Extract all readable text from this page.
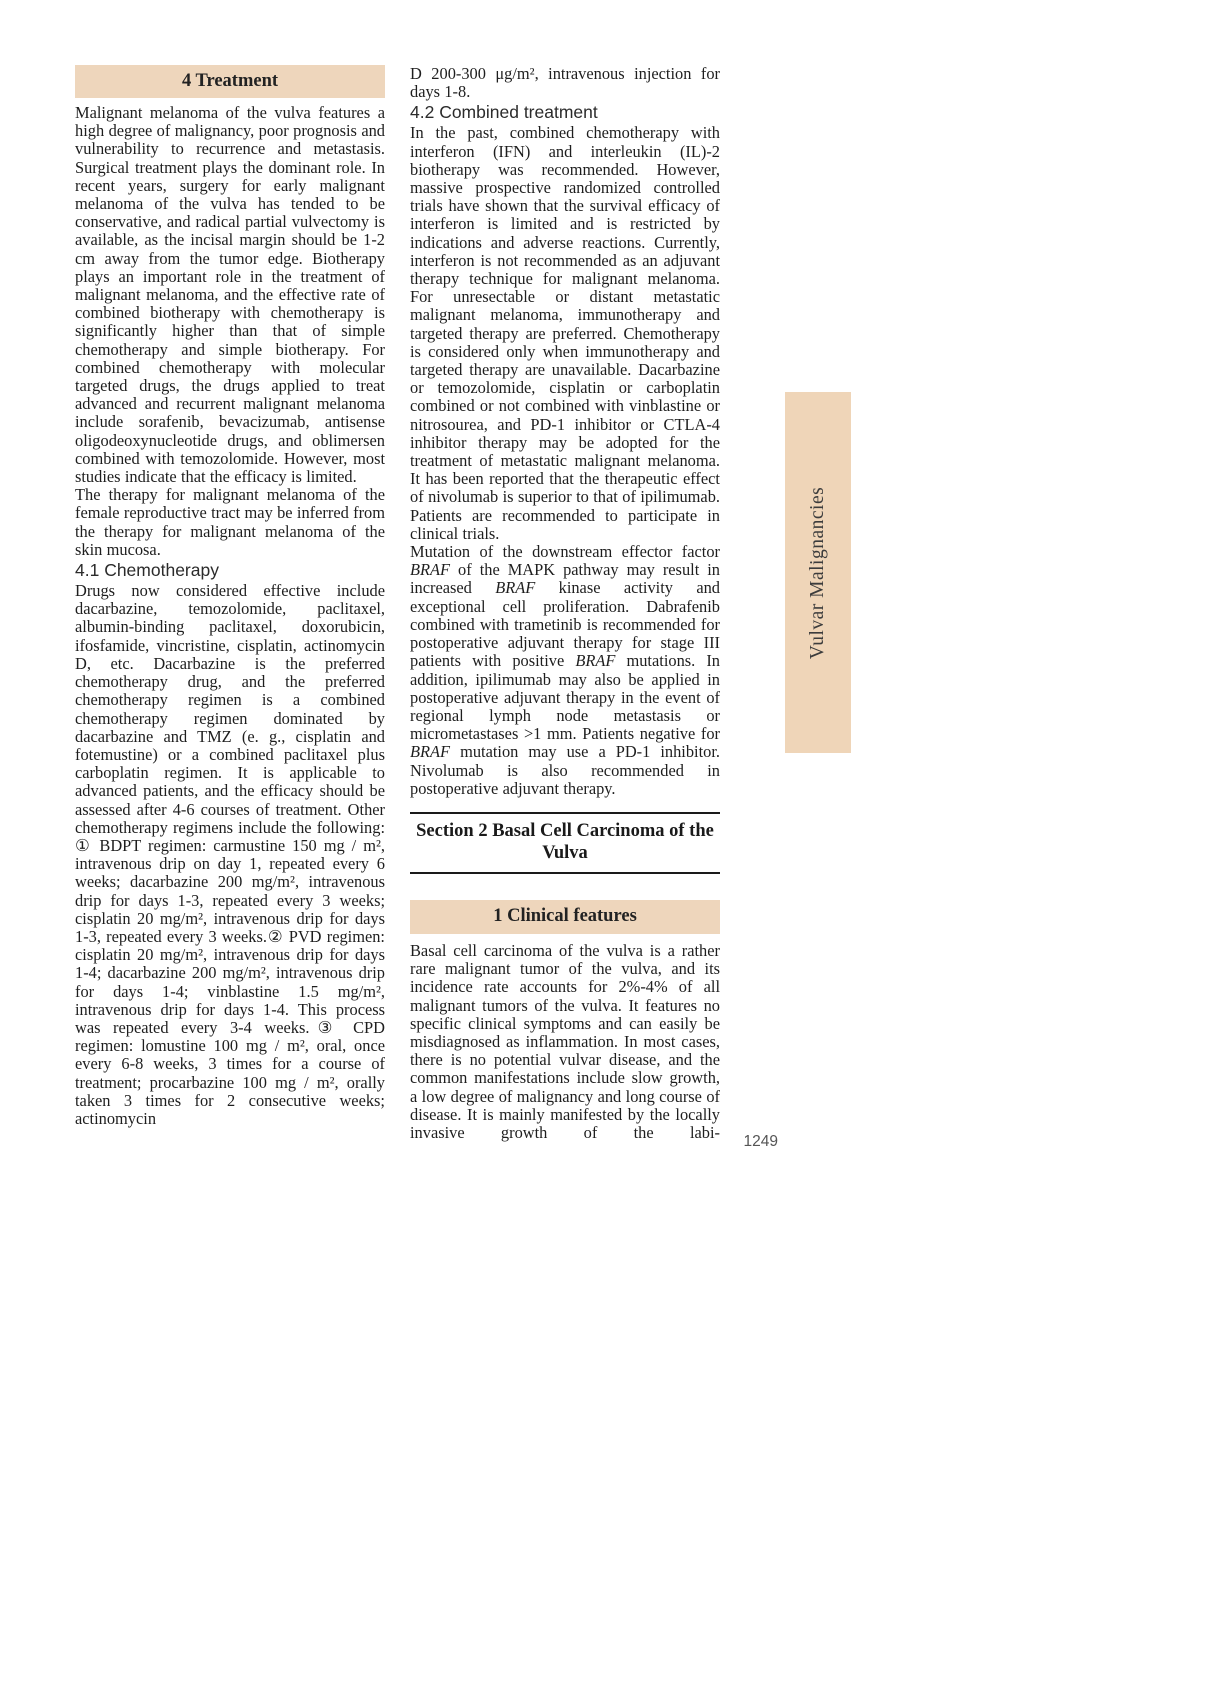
4 Treatment

Malignant melanoma of the vulva features a high degree of malignancy, poor prognosis and vulnerability to recurrence and metastasis. Surgical treatment plays the dominant role. In recent years, surgery for early malignant melanoma of the vulva has tended to be conservative, and radical partial vulvectomy is available, as the incisal margin should be 1-2 cm away from the tumor edge. Biotherapy plays an important role in the treatment of malignant melanoma, and the effective rate of combined biotherapy with chemotherapy is significantly higher than that of simple chemotherapy and simple biotherapy. For combined chemotherapy with molecular targeted drugs, the drugs applied to treat advanced and recurrent malignant melanoma include sorafenib, bevacizumab, antisense oligodeoxynucleotide drugs, and oblimersen combined with temozolomide. However, most studies indicate that the efficacy is limited.

The therapy for malignant melanoma of the female reproductive tract may be inferred from the therapy for malignant melanoma of the skin mucosa.

4.1 Chemotherapy

Drugs now considered effective include dacarbazine, temozolomide, paclitaxel, albumin-binding paclitaxel, doxorubicin, ifosfamide, vincristine, cisplatin, actinomycin D, etc. Dacarbazine is the preferred chemotherapy drug, and the preferred chemotherapy regimen is a combined chemotherapy regimen dominated by dacarbazine and TMZ (e. g., cisplatin and fotemustine) or a combined paclitaxel plus carboplatin regimen. It is applicable to advanced patients, and the efficacy should be assessed after 4-6 courses of treatment. Other chemotherapy regimens include the following: ① BDPT regimen: carmustine 150 mg / m², intravenous drip on day 1, repeated every 6 weeks; dacarbazine 200 mg/m², intravenous drip for days 1-3, repeated every 3 weeks; cisplatin 20 mg/m², intravenous drip for days 1-3, repeated every 3 weeks.② PVD regimen: cisplatin 20 mg/m², intravenous drip for days 1-4; dacarbazine 200 mg/m², intravenous drip for days 1-4; vinblastine 1.5 mg/m², intravenous drip for days 1-4. This process was repeated every 3-4 weeks.③ CPD regimen: lomustine 100 mg / m², oral, once every 6-8 weeks, 3 times for a course of treatment; procarbazine 100 mg / m², orally taken 3 times for 2 consecutive weeks; actinomycin

D 200-300 μg/m², intravenous injection for days 1-8.

4.2 Combined treatment

In the past, combined chemotherapy with interferon (IFN) and interleukin (IL)-2 biotherapy was recommended. However, massive prospective randomized controlled trials have shown that the survival efficacy of interferon is limited and is restricted by indications and adverse reactions. Currently, interferon is not recommended as an adjuvant therapy technique for malignant melanoma. For unresectable or distant metastatic malignant melanoma, immunotherapy and targeted therapy are preferred. Chemotherapy is considered only when immunotherapy and targeted therapy are unavailable. Dacarbazine or temozolomide, cisplatin or carboplatin combined or not combined with vinblastine or nitrosourea, and PD-1 inhibitor or CTLA-4 inhibitor therapy may be adopted for the treatment of metastatic malignant melanoma. It has been reported that the therapeutic effect of nivolumab is superior to that of ipilimumab. Patients are recommended to participate in clinical trials.

Mutation of the downstream effector factor BRAF of the MAPK pathway may result in increased BRAF kinase activity and exceptional cell proliferation. Dabrafenib combined with trametinib is recommended for postoperative adjuvant therapy for stage III patients with positive BRAF mutations. In addition, ipilimumab may also be applied in postoperative adjuvant therapy in the event of regional lymph node metastasis or micrometastases >1 mm. Patients negative for BRAF mutation may use a PD-1 inhibitor. Nivolumab is also recommended in postoperative adjuvant therapy.

Section 2 Basal Cell Carcinoma of the Vulva
1 Clinical features

Basal cell carcinoma of the vulva is a rather rare malignant tumor of the vulva, and its incidence rate accounts for 2%-4% of all malignant tumors of the vulva. It features no specific clinical symptoms and can easily be misdiagnosed as inflammation. In most cases, there is no potential vulvar disease, and the common manifestations include slow growth, a low degree of malignancy and long course of disease. It is mainly manifested by the locally invasive growth of the labi-	1249
Vulvar Malignancies
